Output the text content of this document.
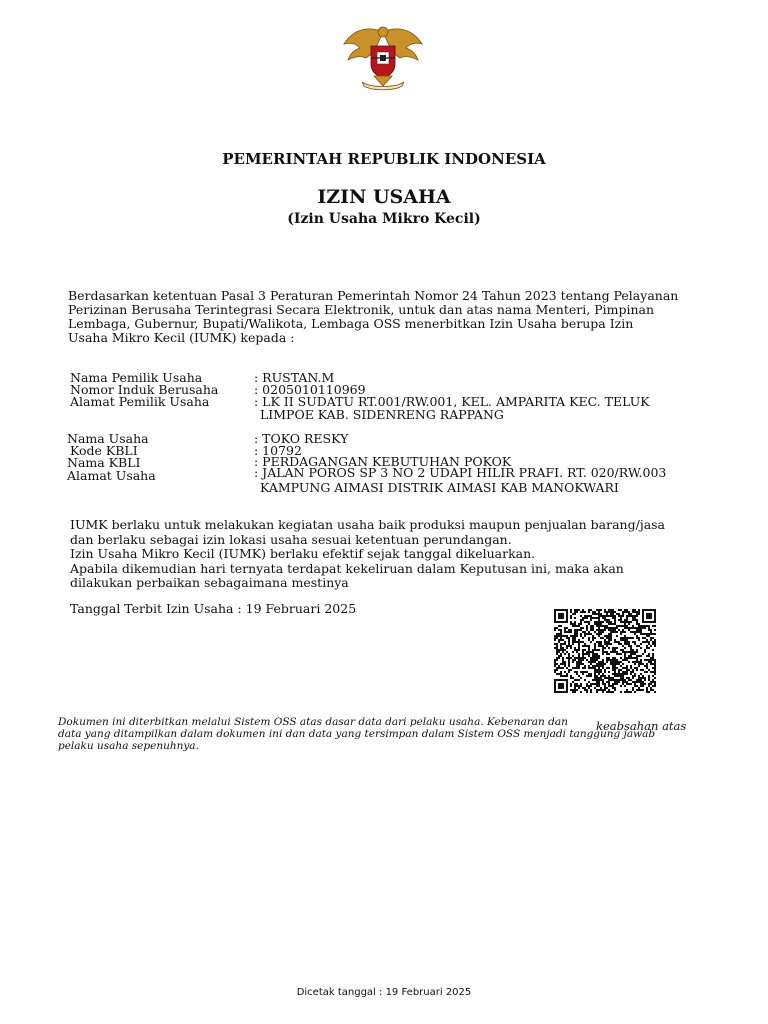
PEMERINTAH REPUBLIK INDONESIA
IZIN USAHA
(Izin Usaha Mikro Kecil)
Berdasarkan ketentuan Pasal 3 Peraturan Pemerintah Nomor 24 Tahun 2023 tentang Pelayanan
Perizinan Berusaha Terintegrasi Secara Elektronik, untuk dan atas nama Menteri, Pimpinan
Lembaga, Gubernur, Bupati/Walikota, Lembaga OSS menerbitkan Izin Usaha berupa Izin
Usaha Mikro Kecil (IUMK) kepada :
Nama Pemilik Usaha	: RUSTAN.M
Nomor Induk Berusaha	: 0205010110969
Alamat Pemilik Usaha	: LK II SUDATU RT.001/RW.001, KEL. AMPARITA KEC. TELUK
LIMPOE KAB. SIDENRENG RAPPANG
Nama Usaha	: TOKO RESKY
Kode KBLI	: 10792
Nama KBLI	: PERDAGANGAN KEBUTUHAN POKOK
Alamat Usaha	: JALAN POROS SP 3 NO 2 UDAPI HILIR PRAFI. RT. 020/RW.003
KAMPUNG AIMASI DISTRIK AIMASI KAB MANOKWARI
IUMK berlaku untuk melakukan kegiatan usaha baik produksi maupun penjualan barang/jasa
dan berlaku sebagai izin lokasi usaha sesuai ketentuan perundangan.
Izin Usaha Mikro Kecil (IUMK) berlaku efektif sejak tanggal dikeluarkan.
Apabila dikemudian hari ternyata terdapat kekeliruan dalam Keputusan ini, maka akan
dilakukan perbaikan sebagaimana mestinya
Tanggal Terbit Izin Usaha : 19 Februari 2025
Dokumen ini diterbitkan melalui Sistem OSS atas dasar data dari pelaku usaha. Kebenaran dan
data yang ditampilkan dalam dokumen ini dan data yang tersimpan dalam Sistem OSS menjadi tanggung jawab
pelaku usaha sepenuhnya.
keabsahan atas
Dicetak tanggal : 19 Februari 2025
